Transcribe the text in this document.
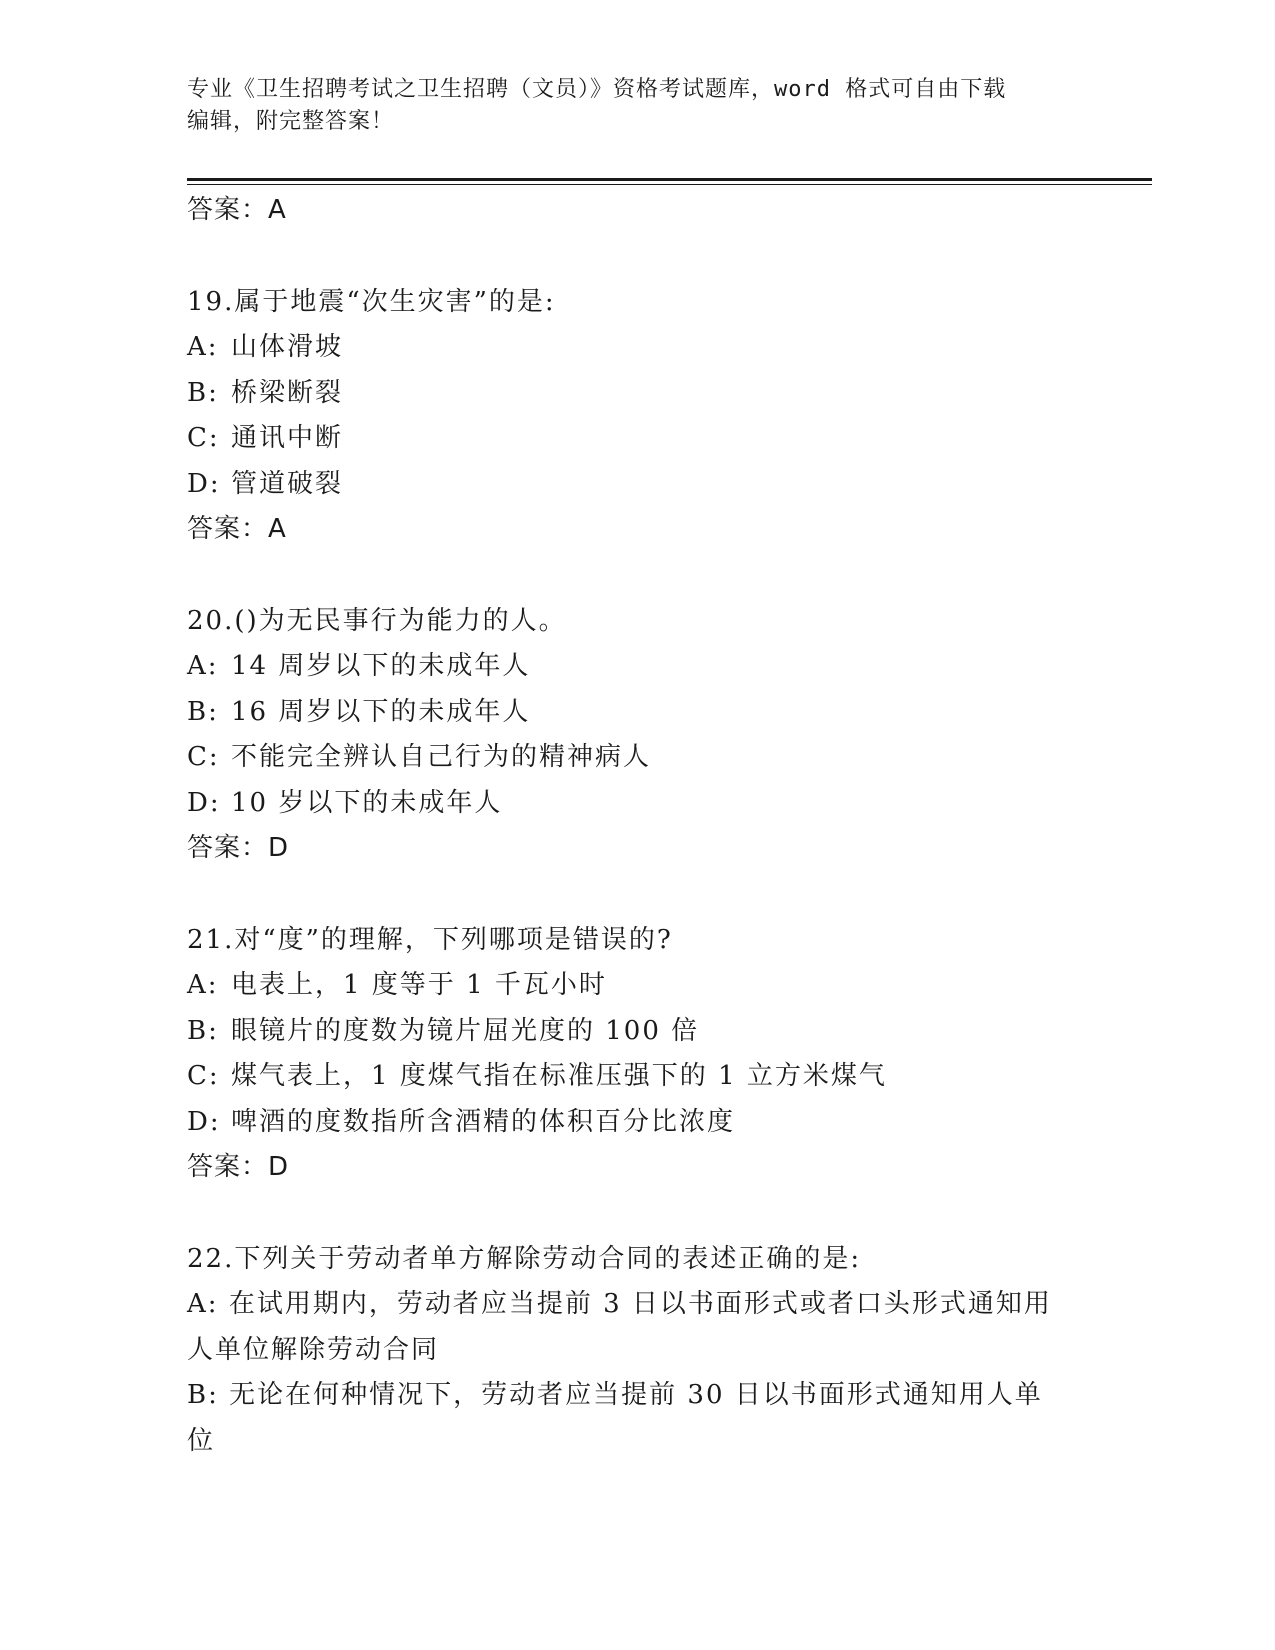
专业《卫生招聘考试之卫生招聘（文员）》资格考试题库，word 格式可自由下载
编辑，附完整答案！
答案：A
19.属于地震“次生灾害”的是:
A: 山体滑坡
B: 桥梁断裂
C: 通讯中断
D: 管道破裂
答案：A
20.()为无民事行为能力的人。
A: 14 周岁以下的未成年人
B: 16 周岁以下的未成年人
C: 不能完全辨认自己行为的精神病人
D: 10 岁以下的未成年人
答案：D
21.对“度”的理解，下列哪项是错误的?
A: 电表上，1 度等于 1 千瓦小时
B: 眼镜片的度数为镜片屈光度的 100 倍
C: 煤气表上，1 度煤气指在标准压强下的 1 立方米煤气
D: 啤酒的度数指所含酒精的体积百分比浓度
答案：D
22.下列关于劳动者单方解除劳动合同的表述正确的是:
A: 在试用期内，劳动者应当提前 3 日以书面形式或者口头形式通知用人单位解除劳动合同
B: 无论在何种情况下，劳动者应当提前 30 日以书面形式通知用人单位
